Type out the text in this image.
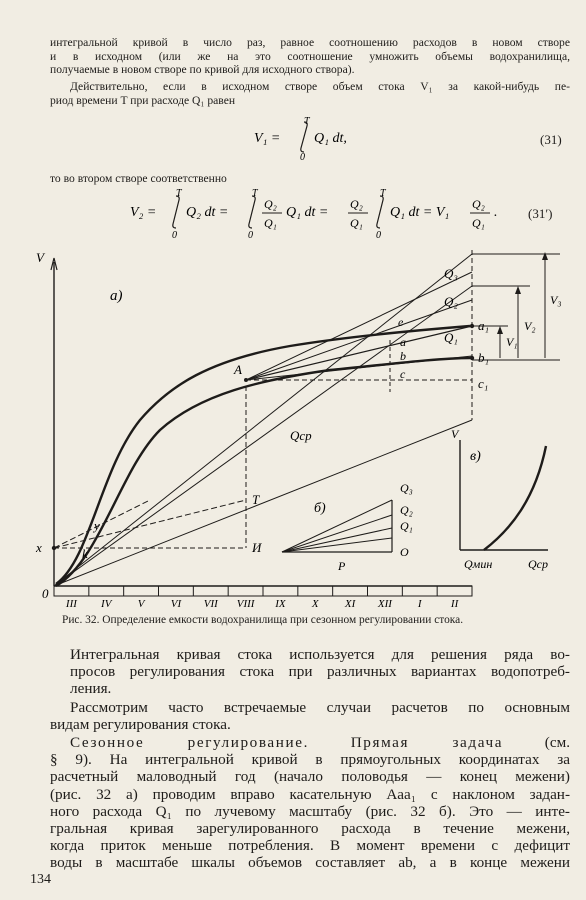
интегральной кривой в число раз, равное соотношению расходов в новом створе
и в исходном (или же на это соотношение умножить объемы водохранилища,
получаемые в новом створе по кривой для исходного створа).

Действительно, если в исходном створе объем стока V₁ за какой-нибудь пе-
риод времени T при расходе Q₁ равен

V₁ =
T
0
Q₁ dt,	(31)

то во втором створе соответственно

V₂ =
T
0
Q₂ dt =
T
0
Q₂
Q₁
Q₁ dt =
Q₂
Q₁
T
0
Q₁ dt = V₁
Q₂
Q₁
. (31′)
III IV V VI VII VIII IX X XI XII I	II
V
а)
0
х
Q₃
Q₂
Q₁
Qср
e
a
b
c
a₁
b₁
c₁
A
T
И
y
k
V₁
V₂
V₃
б)
Q₃
Q₂
Q₁
O
P
V
в)
Qмин	Qср
Рис. 32. Определение емкости водохранилища при сезонном регулировании стока.

Интегральная кривая стока используется для решения ряда во-
просов регулирования стока при различных вариантах водопотреб-
ления.

Рассмотрим часто встречаемые случаи расчетов по основным
видам регулирования стока.

Сезонное регулирование.	Прямая задача	(см.
§ 9). На интегральной кривой в прямоугольных координатах за
расчетный маловодный год (начало половодья — конец межени)
(рис. 32 а) проводим вправо касательную Aaa₁ с наклоном задан-
ного расхода Q₁ по лучевому масштабу (рис. 32 б). Это — инте-
гральная кривая зарегулированного расхода в течение межени,
когда приток меньше потребления. В момент времени c дефицит
воды в масштабе шкалы объемов составляет ab, а в конце межени

134
